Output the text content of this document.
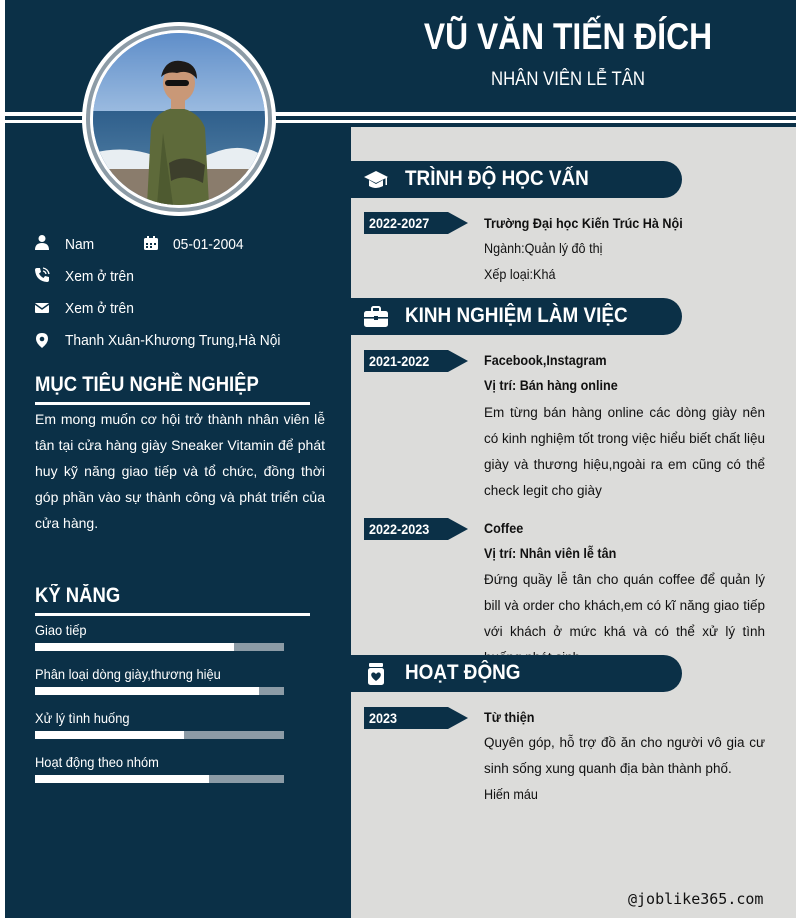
VŨ VĂN TIẾN ĐÍCH
NHÂN VIÊN LỄ TÂN
Nam	05-01-2004
Xem ở trên
Xem ở trên
Thanh Xuân-Khương Trung,Hà Nội
MỤC TIÊU NGHỀ NGHIỆP
Em mong muốn cơ hội trở thành nhân viên lễ tân tại cửa hàng giày Sneaker Vitamin để phát huy kỹ năng giao tiếp và tổ chức, đồng thời góp phần vào sự thành công và phát triển của cửa hàng.
KỸ NĂNG
Giao tiếp
Phân loại dòng giày,thương hiệu
Xử lý tình huống
Hoạt động theo nhóm
TRÌNH ĐỘ HỌC VẤN
2022-2027	Trường Đại học Kiến Trúc Hà Nội
Ngành:Quản lý đô thị
Xếp loại:Khá
KINH NGHIỆM LÀM VIỆC
2021-2022	Facebook,Instagram
Vị trí: Bán hàng online
Em từng bán hàng online các dòng giày nên có kinh nghiệm tốt trong việc hiểu biết chất liệu giày và thương hiệu,ngoài ra em cũng có thể check legit cho giày
2022-2023	Coffee
Vị trí: Nhân viên lễ tân
Đứng quầy lễ tân cho quán coffee để quản lý bill và order cho khách,em có kĩ năng giao tiếp với khách ở mức khá và có thể xử lý tình
HOẠT ĐỘNG
2023	Từ thiện
Quyên góp, hỗ trợ đồ ăn cho người vô gia cư sinh sống xung quanh địa bàn thành phố.
Hiến máu
@joblike365.com
